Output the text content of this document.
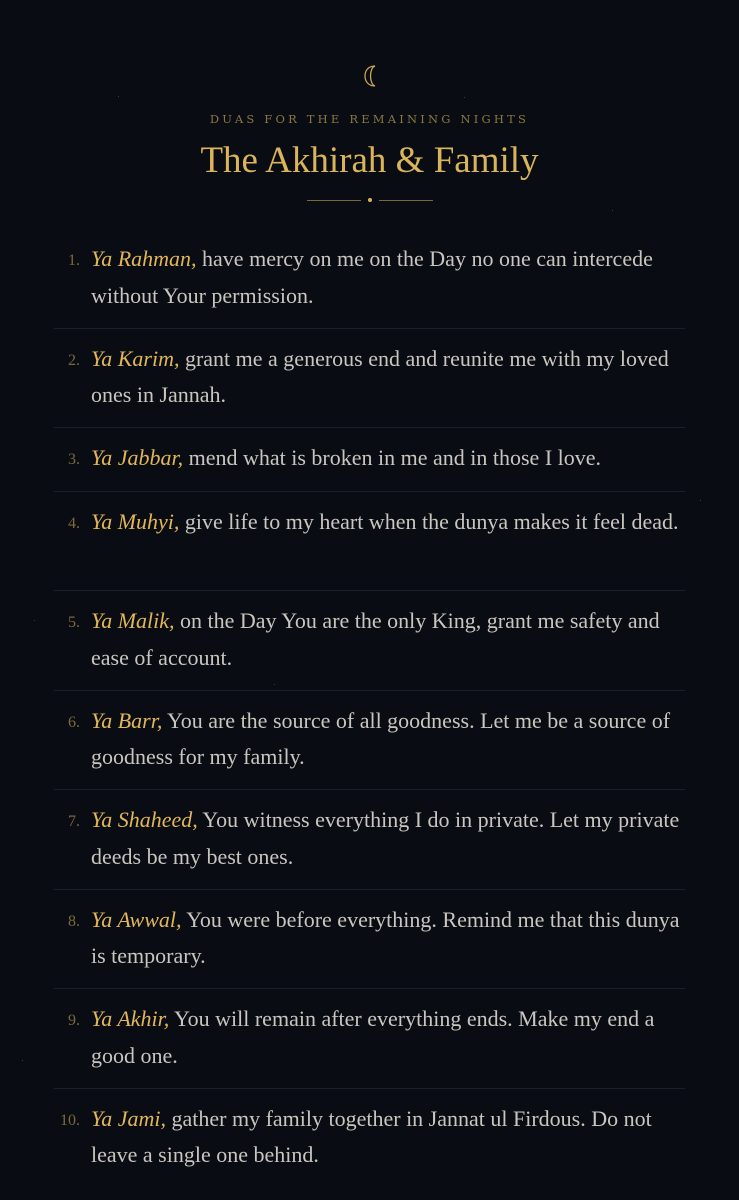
DUAS FOR THE REMAINING NIGHTS
The Akhirah & Family
1. Ya Rahman, have mercy on me on the Day no one can intercede without Your permission.
2. Ya Karim, grant me a generous end and reunite me with my loved ones in Jannah.
3. Ya Jabbar, mend what is broken in me and in those I love.
4. Ya Muhyi, give life to my heart when the dunya makes it feel dead.
5. Ya Malik, on the Day You are the only King, grant me safety and ease of account.
6. Ya Barr, You are the source of all goodness. Let me be a source of goodness for my family.
7. Ya Shaheed, You witness everything I do in private. Let my private deeds be my best ones.
8. Ya Awwal, You were before everything. Remind me that this dunya is temporary.
9. Ya Akhir, You will remain after everything ends. Make my end a good one.
10. Ya Jami, gather my family together in Jannat ul Firdous. Do not leave a single one behind.
